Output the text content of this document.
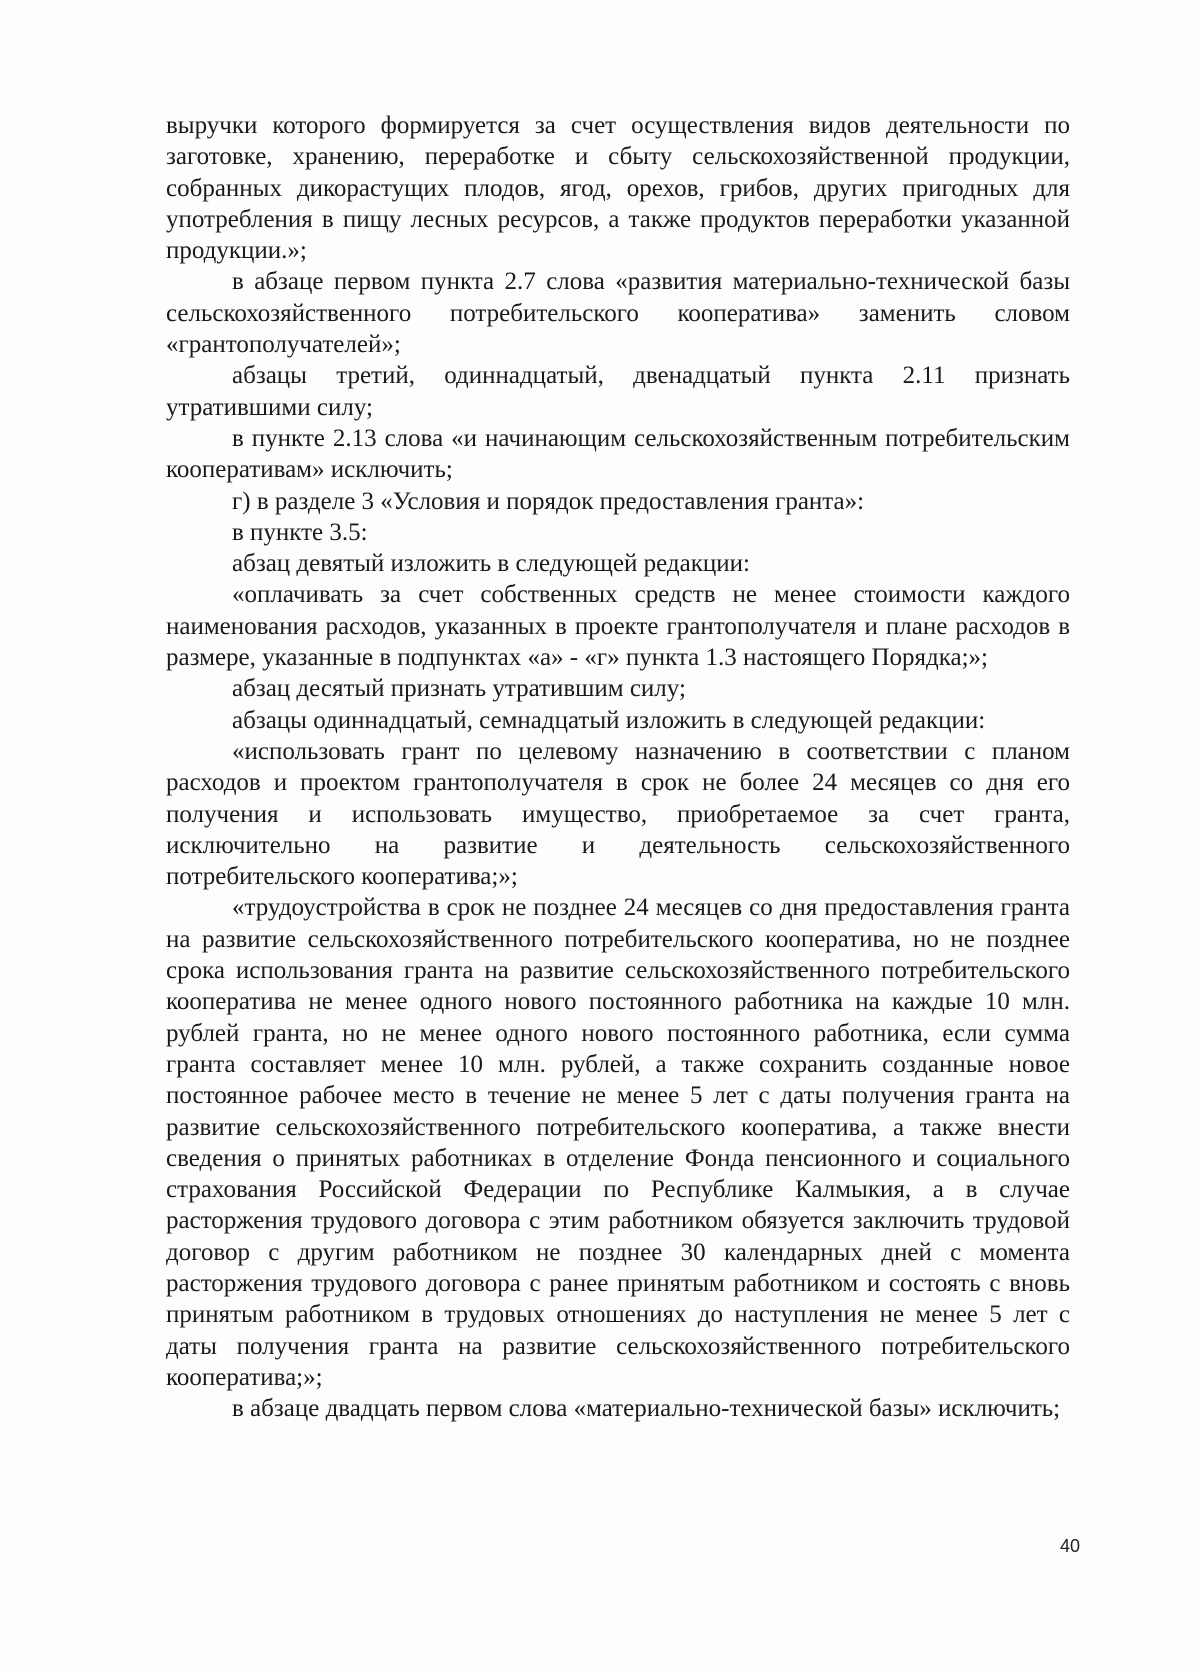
выручки которого формируется за счет осуществления видов деятельности по заготовке, хранению, переработке и сбыту сельскохозяйственной продукции, собранных дикорастущих плодов, ягод, орехов, грибов, других пригодных для употребления в пищу лесных ресурсов, а также продуктов переработки указанной продукции.»;

в абзаце первом пункта 2.7 слова «развития материально-технической базы сельскохозяйственного потребительского кооператива» заменить словом «грантополучателей»;

абзацы третий, одиннадцатый, двенадцатый пункта 2.11 признать утратившими силу;

в пункте 2.13 слова «и начинающим сельскохозяйственным потребительским кооперативам» исключить;

г) в разделе 3 «Условия и порядок предоставления гранта»:

в пункте 3.5:

абзац девятый изложить в следующей редакции:

«оплачивать за счет собственных средств не менее стоимости каждого наименования расходов, указанных в проекте грантополучателя и плане расходов в размере, указанные в подпунктах «а» - «г» пункта 1.3 настоящего Порядка;»;

абзац десятый признать утратившим силу;

абзацы одиннадцатый, семнадцатый изложить в следующей редакции:

«использовать грант по целевому назначению в соответствии с планом расходов и проектом грантополучателя в срок не более 24 месяцев со дня его получения и использовать имущество, приобретаемое за счет гранта, исключительно на развитие и деятельность сельскохозяйственного потребительского кооператива;»;

«трудоустройства в срок не позднее 24 месяцев со дня предоставления гранта на развитие сельскохозяйственного потребительского кооператива, но не позднее срока использования гранта на развитие сельскохозяйственного потребительского кооператива не менее одного нового постоянного работника на каждые 10 млн. рублей гранта, но не менее одного нового постоянного работника, если сумма гранта составляет менее 10 млн. рублей, а также сохранить созданные новое постоянное рабочее место в течение не менее 5 лет с даты получения гранта на развитие сельскохозяйственного потребительского кооператива, а также внести сведения о принятых работниках в отделение Фонда пенсионного и социального страхования Российской Федерации по Республике Калмыкия, а в случае расторжения трудового договора с этим работником обязуется заключить трудовой договор с другим работником не позднее 30 календарных дней с момента расторжения трудового договора с ранее принятым работником и состоять с вновь принятым работником в трудовых отношениях до наступления не менее 5 лет с даты получения гранта на развитие сельскохозяйственного потребительского кооператива;»;

в абзаце двадцать первом слова «материально-технической базы» исключить;

40
